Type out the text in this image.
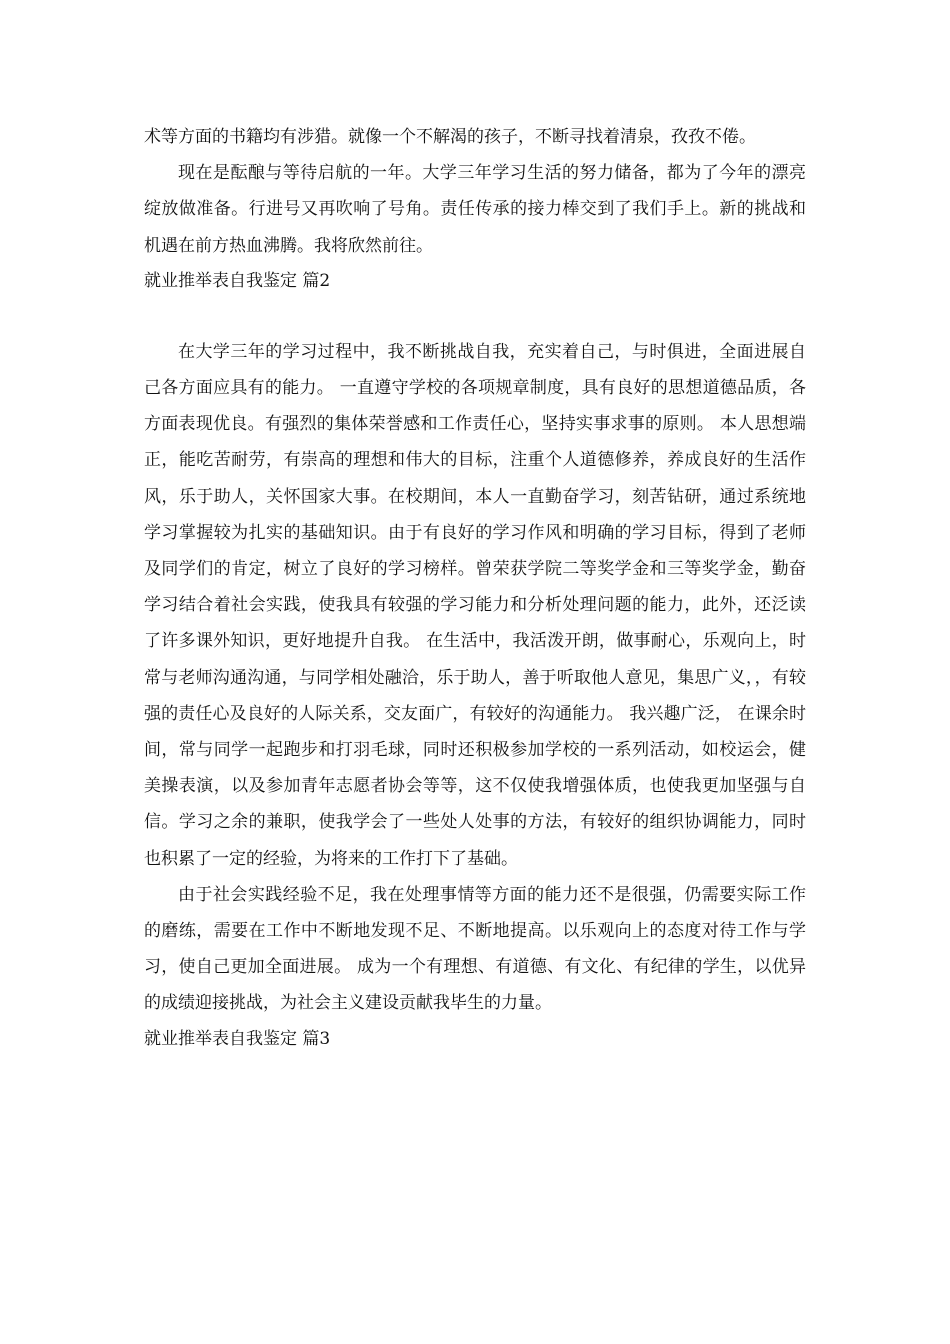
术等方面的书籍均有涉猎。就像一个不解渴的孩子，不断寻找着清泉，孜孜不倦。

现在是酝酿与等待启航的一年。大学三年学习生活的努力储备，都为了今年的漂亮绽放做准备。行进号又再吹响了号角。责任传承的接力棒交到了我们手上。新的挑战和机遇在前方热血沸腾。我将欣然前往。

就业推举表自我鉴定 篇2

在大学三年的学习过程中，我不断挑战自我，充实着自己，与时俱进，全面进展自己各方面应具有的能力。 一直遵守学校的各项规章制度，具有良好的思想道德品质，各方面表现优良。有强烈的集体荣誉感和工作责任心，坚持实事求事的原则。 本人思想端正，能吃苦耐劳，有崇高的理想和伟大的目标，注重个人道德修养，养成良好的生活作风，乐于助人，关怀国家大事。在校期间，本人一直勤奋学习，刻苦钻研，通过系统地学习掌握较为扎实的基础知识。由于有良好的学习作风和明确的学习目标，得到了老师及同学们的肯定，树立了良好的学习榜样。曾荣获学院二等奖学金和三等奖学金，勤奋学习结合着社会实践，使我具有较强的学习能力和分析处理问题的能力，此外，还泛读了许多课外知识，更好地提升自我。 在生活中，我活泼开朗，做事耐心，乐观向上，时常与老师沟通沟通，与同学相处融洽，乐于助人，善于听取他人意见，集思广义，，有较强的责任心及良好的人际关系，交友面广，有较好的沟通能力。 我兴趣广泛， 在课余时间，常与同学一起跑步和打羽毛球，同时还积极参加学校的一系列活动，如校运会，健美操表演，以及参加青年志愿者协会等等，这不仅使我增强体质，也使我更加坚强与自信。学习之余的兼职，使我学会了一些处人处事的方法，有较好的组织协调能力，同时也积累了一定的经验，为将来的工作打下了基础。

由于社会实践经验不足，我在处理事情等方面的能力还不是很强，仍需要实际工作的磨练，需要在工作中不断地发现不足、不断地提高。以乐观向上的态度对待工作与学习，使自己更加全面进展。 成为一个有理想、有道德、有文化、有纪律的学生，以优异的成绩迎接挑战，为社会主义建设贡献我毕生的力量。

就业推举表自我鉴定 篇3
